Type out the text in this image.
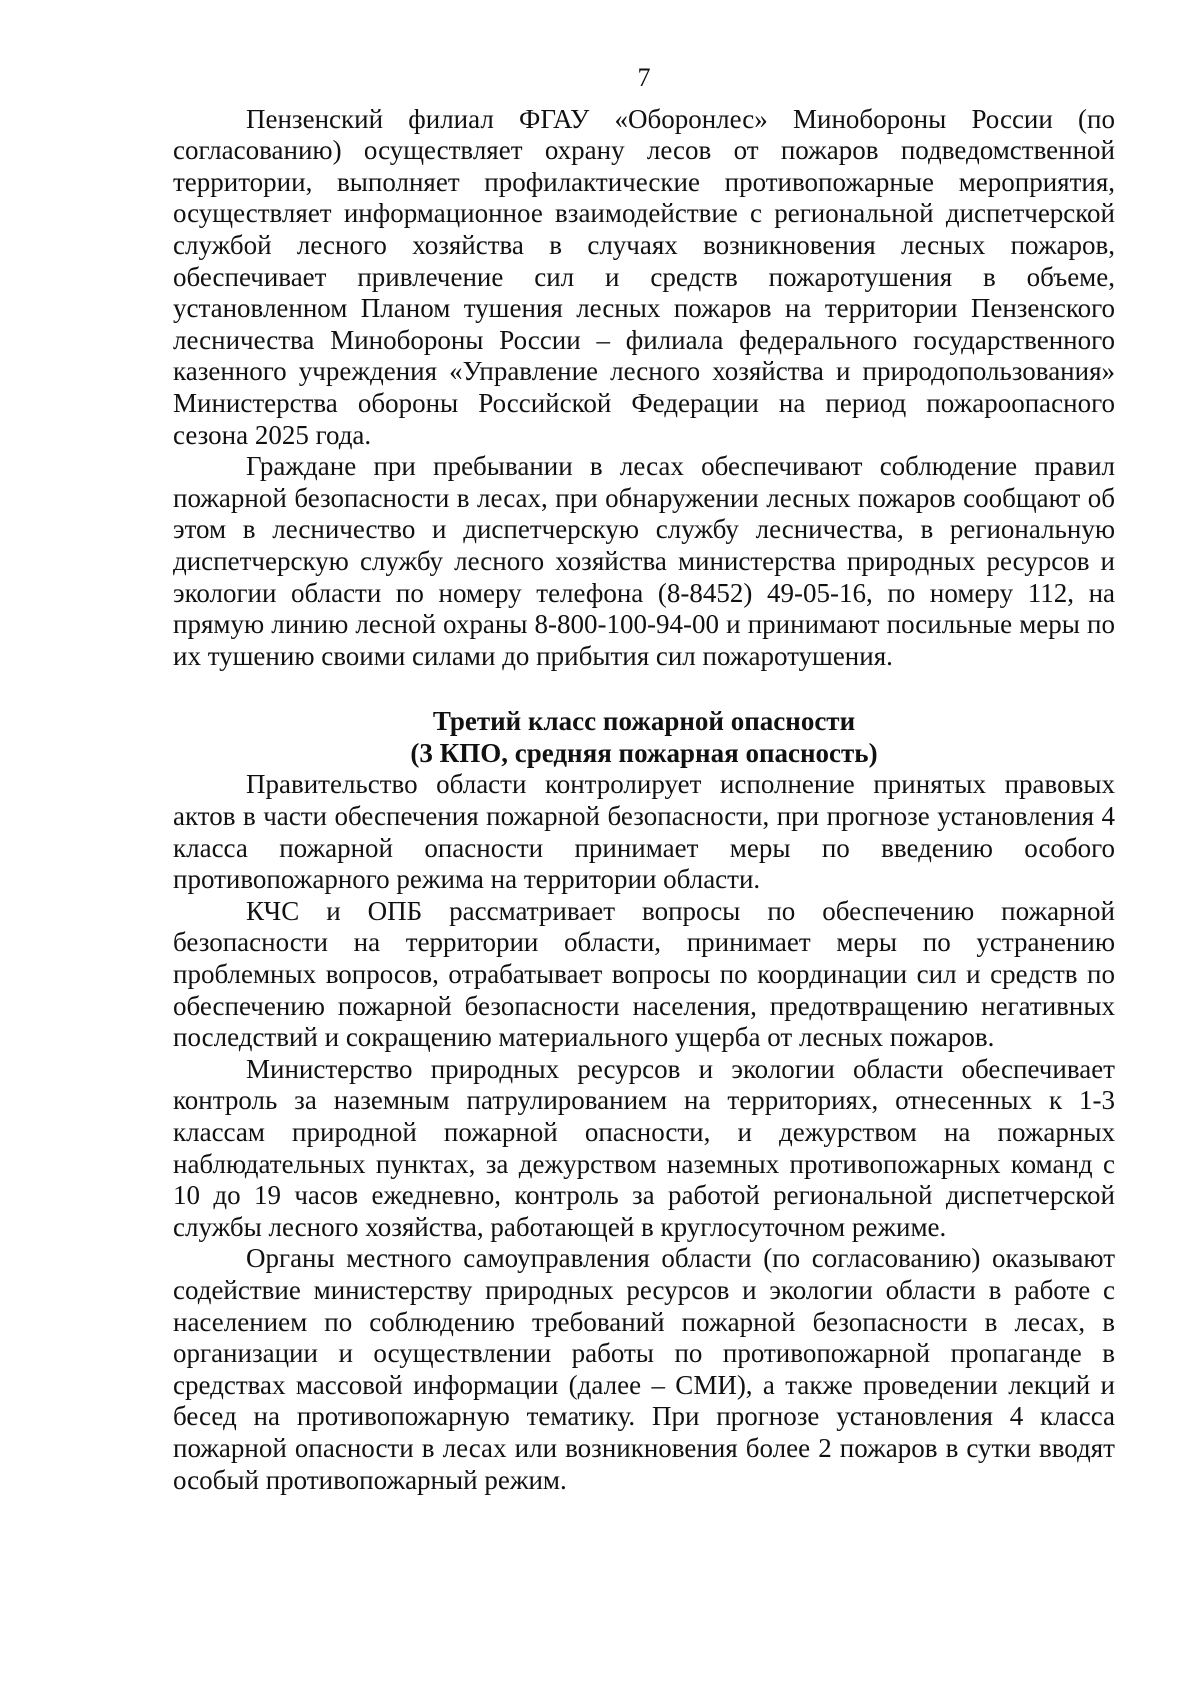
7

Пензенский филиал ФГАУ «Оборонлес» Минобороны России (по согласованию) осуществляет охрану лесов от пожаров подведомственной территории, выполняет профилактические противопожарные мероприятия, осуществляет информационное взаимодействие с региональной диспетчерской службой лесного хозяйства в случаях возникновения лесных пожаров, обеспечивает привлечение сил и средств пожаротушения в объеме, установленном Планом тушения лесных пожаров на территории Пензенского лесничества Минобороны России – филиала федерального государственного казенного учреждения «Управление лесного хозяйства и природопользования» Министерства обороны Российской Федерации на период пожароопасного сезона 2025 года.

Граждане при пребывании в лесах обеспечивают соблюдение правил пожарной безопасности в лесах, при обнаружении лесных пожаров сообщают об этом в лесничество и диспетчерскую службу лесничества, в региональную диспетчерскую службу лесного хозяйства министерства природных ресурсов и экологии области по номеру телефона (8-8452) 49-05-16, по номеру 112, на прямую линию лесной охраны 8-800-100-94-00 и принимают посильные меры по их тушению своими силами до прибытия сил пожаротушения.

Третий класс пожарной опасности

(3 КПО, средняя пожарная опасность)

Правительство области контролирует исполнение принятых правовых актов в части обеспечения пожарной безопасности, при прогнозе установления 4 класса пожарной опасности принимает меры по введению особого противопожарного режима на территории области.

КЧС и ОПБ рассматривает вопросы по обеспечению пожарной безопасности на территории области, принимает меры по устранению проблемных вопросов, отрабатывает вопросы по координации сил и средств по обеспечению пожарной безопасности населения, предотвращению негативных последствий и сокращению материального ущерба от лесных пожаров.

Министерство природных ресурсов и экологии области обеспечивает контроль за наземным патрулированием на территориях, отнесенных к 1-3 классам природной пожарной опасности, и дежурством на пожарных наблюдательных пунктах, за дежурством наземных противопожарных команд с 10 до 19 часов ежедневно, контроль за работой региональной диспетчерской службы лесного хозяйства, работающей в круглосуточном режиме.

Органы местного самоуправления области (по согласованию) оказывают содействие министерству природных ресурсов и экологии области в работе с населением по соблюдению требований пожарной безопасности в лесах, в организации и осуществлении работы по противопожарной пропаганде в средствах массовой информации (далее – СМИ), а также проведении лекций и бесед на противопожарную тематику. При прогнозе установления 4 класса пожарной опасности в лесах или возникновения более 2 пожаров в сутки вводят особый противопожарный режим.
